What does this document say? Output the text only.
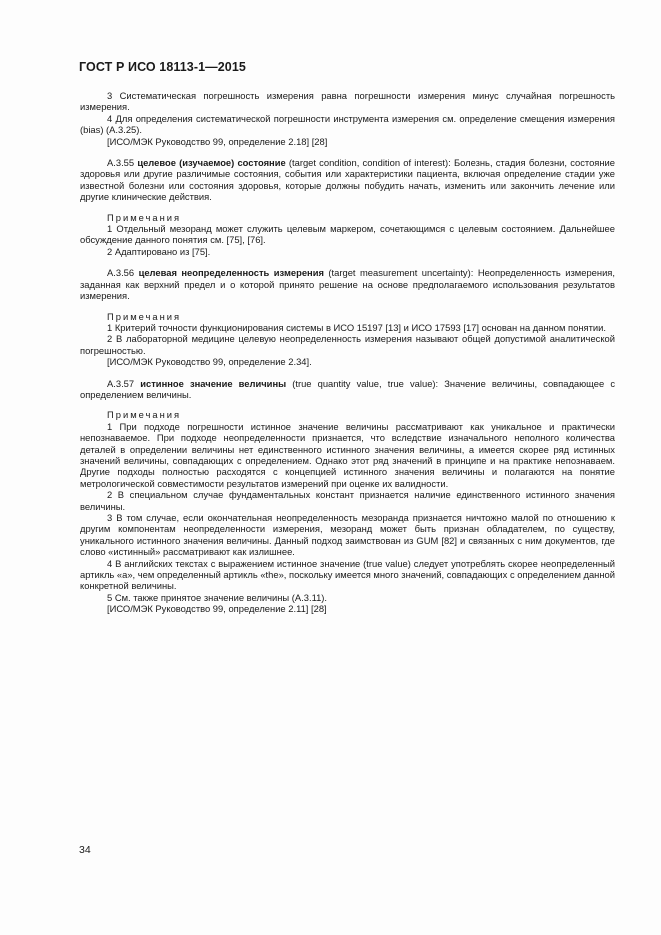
ГОСТ Р ИСО 18113-1—2015

3 Систематическая погрешность измерения равна погрешности измерения минус случайная погрешность измерения.

4 Для определения систематической погрешности инструмента измерения см. определение смещения измерения (bias) (А.3.25).

[ИСО/МЭК Руководство 99, определение 2.18] [28]

А.3.55 целевое (изучаемое) состояние (target condition, condition of interest): Болезнь, стадия болезни, состояние здоровья или другие различимые состояния, события или характеристики пациента, включая определение стадии уже известной болезни или состояния здоровья, которые должны побудить начать, изменить или закончить лечение или другие клинические действия.

Примечания

1 Отдельный мезоранд может служить целевым маркером, сочетающимся с целевым состоянием. Дальнейшее обсуждение данного понятия см. [75], [76].

2 Адаптировано из [75].

А.3.56 целевая неопределенность измерения (target measurement uncertainty): Неопределенность измерения, заданная как верхний предел и о которой принято решение на основе предполагаемого использования результатов измерения.

Примечания

1 Критерий точности функционирования системы в ИСО 15197 [13] и ИСО 17593 [17] основан на данном понятии.

2 В лабораторной медицине целевую неопределенность измерения называют общей допустимой аналитической погрешностью.

[ИСО/МЭК Руководство 99, определение 2.34].

А.3.57 истинное значение величины (true quantity value, true value): Значение величины, совпадающее с определением величины.

Примечания

1 При подходе погрешности истинное значение величины рассматривают как уникальное и практически непознаваемое. При подходе неопределенности признается, что вследствие изначального неполного количества деталей в определении величины нет единственного истинного значения величины, а имеется скорее ряд истинных значений величины, совпадающих с определением. Однако этот ряд значений в принципе и на практике непознаваем. Другие подходы полностью расходятся с концепцией истинного значения величины и полагаются на понятие метрологической совместимости результатов измерений при оценке их валидности.

2 В специальном случае фундаментальных констант признается наличие единственного истинного значения величины.

3 В том случае, если окончательная неопределенность мезоранда признается ничтожно малой по отношению к другим компонентам неопределенности измерения, мезоранд может быть признан обладателем, по существу, уникального истинного значения величины. Данный подход заимствован из GUM [82] и связанных с ним документов, где слово «истинный» рассматривают как излишнее.

4 В английских текстах с выражением истинное значение (true value) следует употреблять скорее неопределенный артикль «а», чем определенный артикль «the», поскольку имеется много значений, совпадающих с определением данной конкретной величины.

5 См. также принятое значение величины (А.3.11).

[ИСО/МЭК Руководство 99, определение 2.11] [28]

34
